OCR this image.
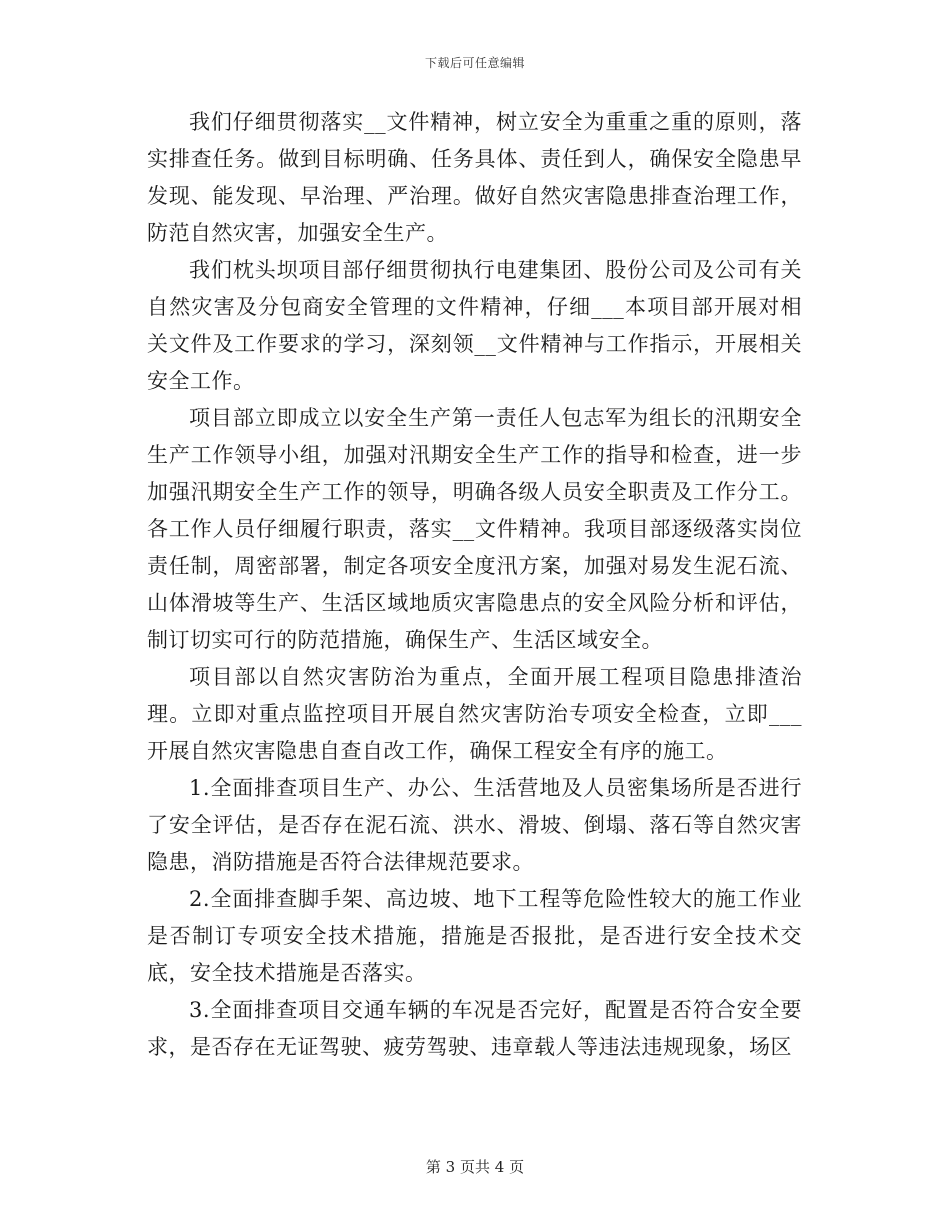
下载后可任意编辑

我们仔细贯彻落实__文件精神，树立安全为重重之重的原则，落实排查任务。做到目标明确、任务具体、责任到人，确保安全隐患早发现、能发现、早治理、严治理。做好自然灾害隐患排查治理工作，防范自然灾害，加强安全生产。

我们枕头坝项目部仔细贯彻执行电建集团、股份公司及公司有关自然灾害及分包商安全管理的文件精神，仔细___本项目部开展对相关文件及工作要求的学习，深刻领__文件精神与工作指示，开展相关安全工作。

项目部立即成立以安全生产第一责任人包志军为组长的汛期安全生产工作领导小组，加强对汛期安全生产工作的指导和检查，进一步加强汛期安全生产工作的领导，明确各级人员安全职责及工作分工。各工作人员仔细履行职责，落实__文件精神。我项目部逐级落实岗位责任制，周密部署，制定各项安全度汛方案，加强对易发生泥石流、山体滑坡等生产、生活区域地质灾害隐患点的安全风险分析和评估，制订切实可行的防范措施，确保生产、生活区域安全。

项目部以自然灾害防治为重点，全面开展工程项目隐患排渣治理。立即对重点监控项目开展自然灾害防治专项安全检查，立即___开展自然灾害隐患自查自改工作，确保工程安全有序的施工。

1.全面排查项目生产、办公、生活营地及人员密集场所是否进行了安全评估，是否存在泥石流、洪水、滑坡、倒塌、落石等自然灾害隐患，消防措施是否符合法律规范要求。

2.全面排查脚手架、高边坡、地下工程等危险性较大的施工作业是否制订专项安全技术措施，措施是否报批，是否进行安全技术交底，安全技术措施是否落实。

3.全面排查项目交通车辆的车况是否完好，配置是否符合安全要求，是否存在无证驾驶、疲劳驾驶、违章载人等违法违规现象，场区

第 3 页共 4 页
